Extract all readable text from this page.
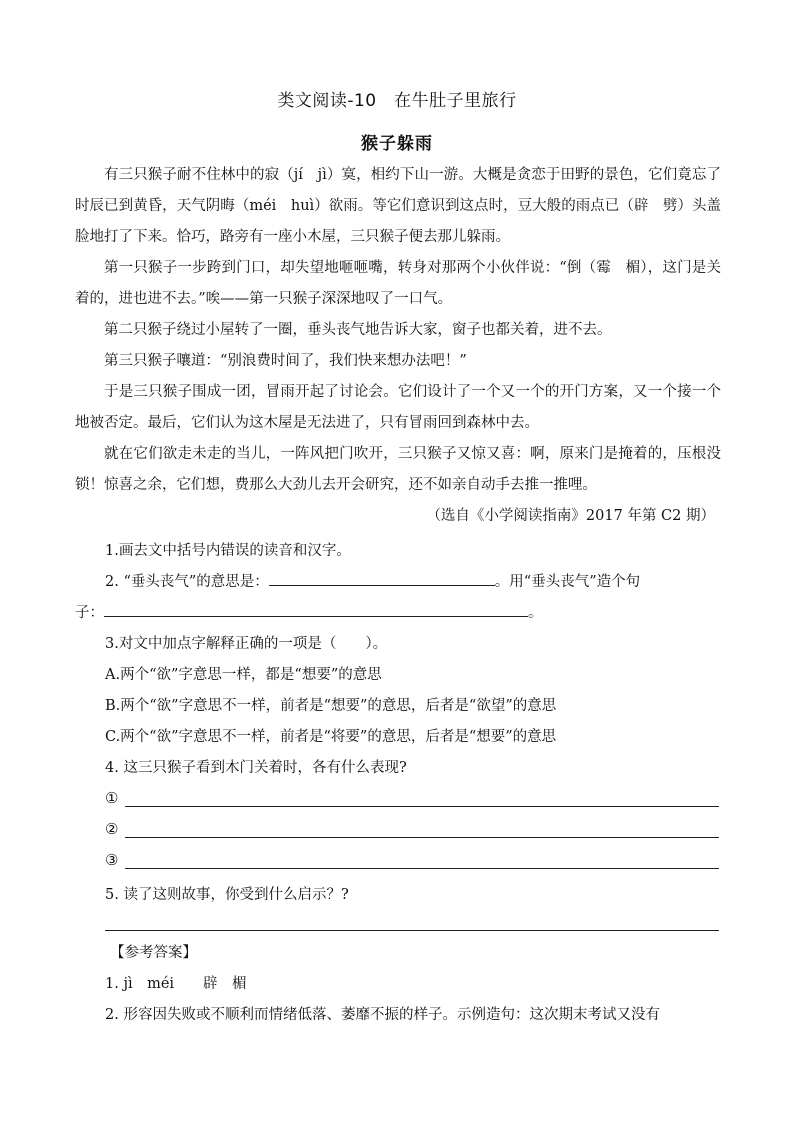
类文阅读-10　在牛肚子里旅行
猴子躲雨

有三只猴子耐不住林中的寂（jí　jì）寞，相约下山一游。大概是贪恋于田野的景色，它们竟忘了时辰已到黄昏，天气阴晦（méi　huì）欲雨。等它们意识到这点时，豆大般的雨点已（辟　劈）头盖脸地打了下来。恰巧，路旁有一座小木屋，三只猴子便去那儿躲雨。

第一只猴子一步跨到门口，却失望地咂咂嘴，转身对那两个小伙伴说：“倒（霉　楣），这门是关着的，进也进不去。”唉——第一只猴子深深地叹了一口气。

第二只猴子绕过小屋转了一圈，垂头丧气地告诉大家，窗子也都关着，进不去。

第三只猴子嚷道：“别浪费时间了，我们快来想办法吧！”

于是三只猴子围成一团，冒雨开起了讨论会。它们设计了一个又一个的开门方案，又一个接一个地被否定。最后，它们认为这木屋是无法进了，只有冒雨回到森林中去。

就在它们欲走未走的当儿，一阵风把门吹开，三只猴子又惊又喜：啊，原来门是掩着的，压根没锁！惊喜之余，它们想，费那么大劲儿去开会研究，还不如亲自动手去推一推哩。

（选自《小学阅读指南》2017 年第 C2 期）

1.画去文中括号内错误的读音和汉字。
2. “垂头丧气”的意思是：	。用“垂头丧气”造个句
子：	。
3.对文中加点字解释正确的一项是（　　）。
A.两个“欲”字意思一样，都是“想要”的意思
B.两个“欲”字意思不一样，前者是“想要”的意思，后者是“欲望”的意思
C.两个“欲”字意思不一样，前者是“将要”的意思，后者是“想要”的意思
4. 这三只猴子看到木门关着时，各有什么表现?
①
②
③
5. 读了这则故事，你受到什么启示？?
【参考答案】
1. jì　méi　　辟　楣
2. 形容因失败或不顺利而情绪低落、萎靡不振的样子。示例造句：这次期末考试又没有
